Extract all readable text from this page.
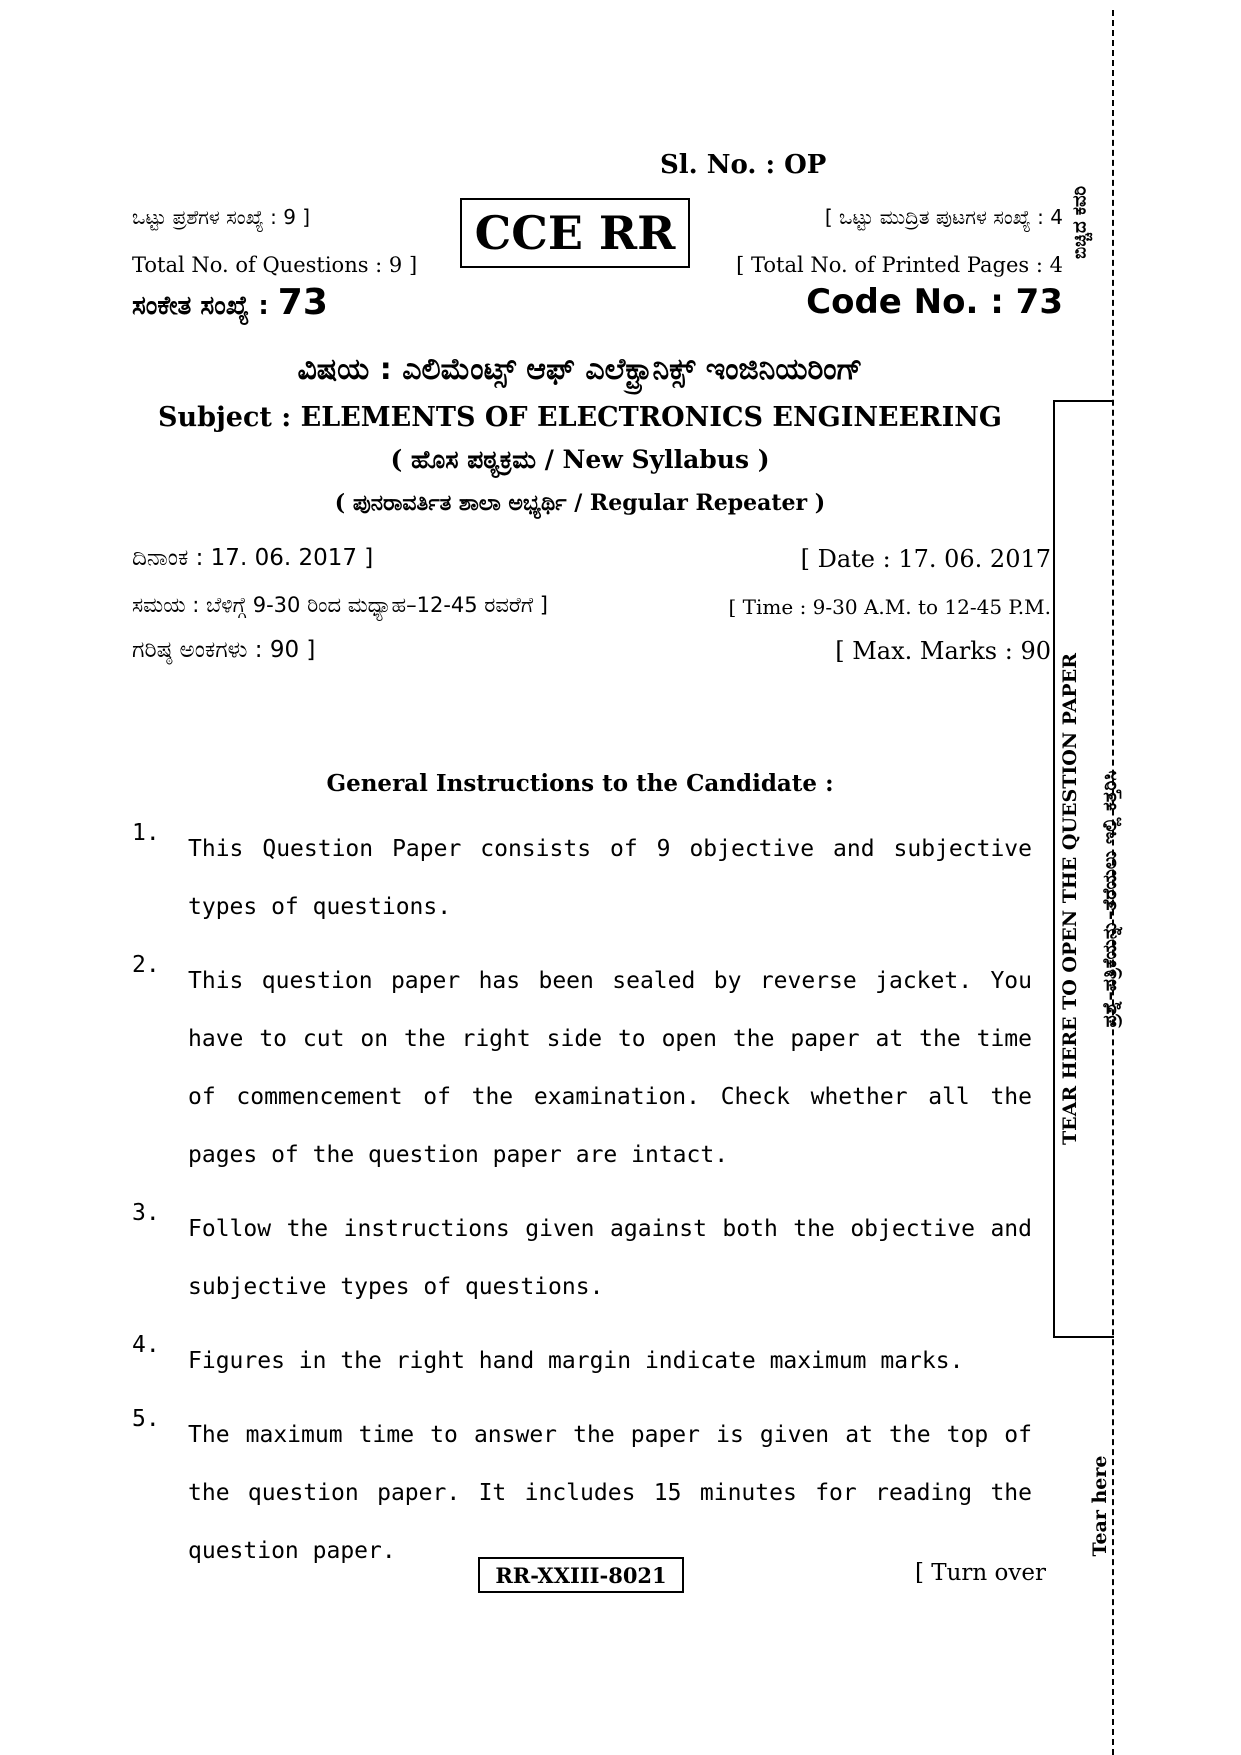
Sl. No. : OP
CCE RR
ಒಟ್ಟು ಪ್ರಶೆಗಳ ಸಂಖ್ಯೆ : 9 ]
Total No. of Questions : 9 ]
[ ಒಟ್ಟು ಮುದ್ರಿತ ಪುಟಗಳ ಸಂಖ್ಯೆ : 4
[ Total No. of Printed Pages : 4
ಸಂಕೇತ ಸಂಖ್ಯೆ : 73	Code No. : 73
ವಿಷಯ : ಎಲಿಮೆಂಟ್ಸ್ ಆಫ್ ಎಲೆಕ್ಟ್ರಾನಿಕ್ಸ್ ಇಂಜಿನಿಯರಿಂಗ್
Subject : ELEMENTS OF ELECTRONICS ENGINEERING
( ಹೊಸ ಪಠ್ಯಕ್ರಮ / New Syllabus )
( ಪುನರಾವರ್ತಿತ ಶಾಲಾ ಅಭ್ಯರ್ಥಿ / Regular Repeater )
ದಿನಾಂಕ : 17. 06. 2017 ]	[ Date : 17. 06. 2017
ಸಮಯ : ಬೆಳಿಗ್ಗೆ 9-30 ರಿಂದ ಮಧ್ಯಾಹ–12-45 ರವರೆಗೆ ]	[ Time : 9-30 A.M. to 12-45 P.M.
ಗರಿಷ್ಠ ಅಂಕಗಳು : 90 ]	[ Max. Marks : 90
General Instructions to the Candidate :
1.
This Question Paper consists of 9 objective and subjective types of questions.
2.
This question paper has been sealed by reverse jacket. You have to cut on the right side to open the paper at the time of commencement of the examination. Check whether all the pages of the question paper are intact.
3.
Follow the instructions given against both the objective and subjective types of questions.
4.
Figures in the right hand margin indicate maximum marks.
5.
The maximum time to answer the paper is given at the top of the question paper. It includes 15 minutes for reading the question paper.
RR-XXIII-8021	[ Turn over
ಬಿಚ್ಚಿದ ಕವರಿ
TEAR HERE TO OPEN THE QUESTION PAPER ಪ್ರಶ್ನೆ–ಪತ್ರಿಕೆಯನ್ನು–ತೆರೆಯಲು ಇಲ್ಲಿ ಕತ್ತರಿಸಿ
Tear here
